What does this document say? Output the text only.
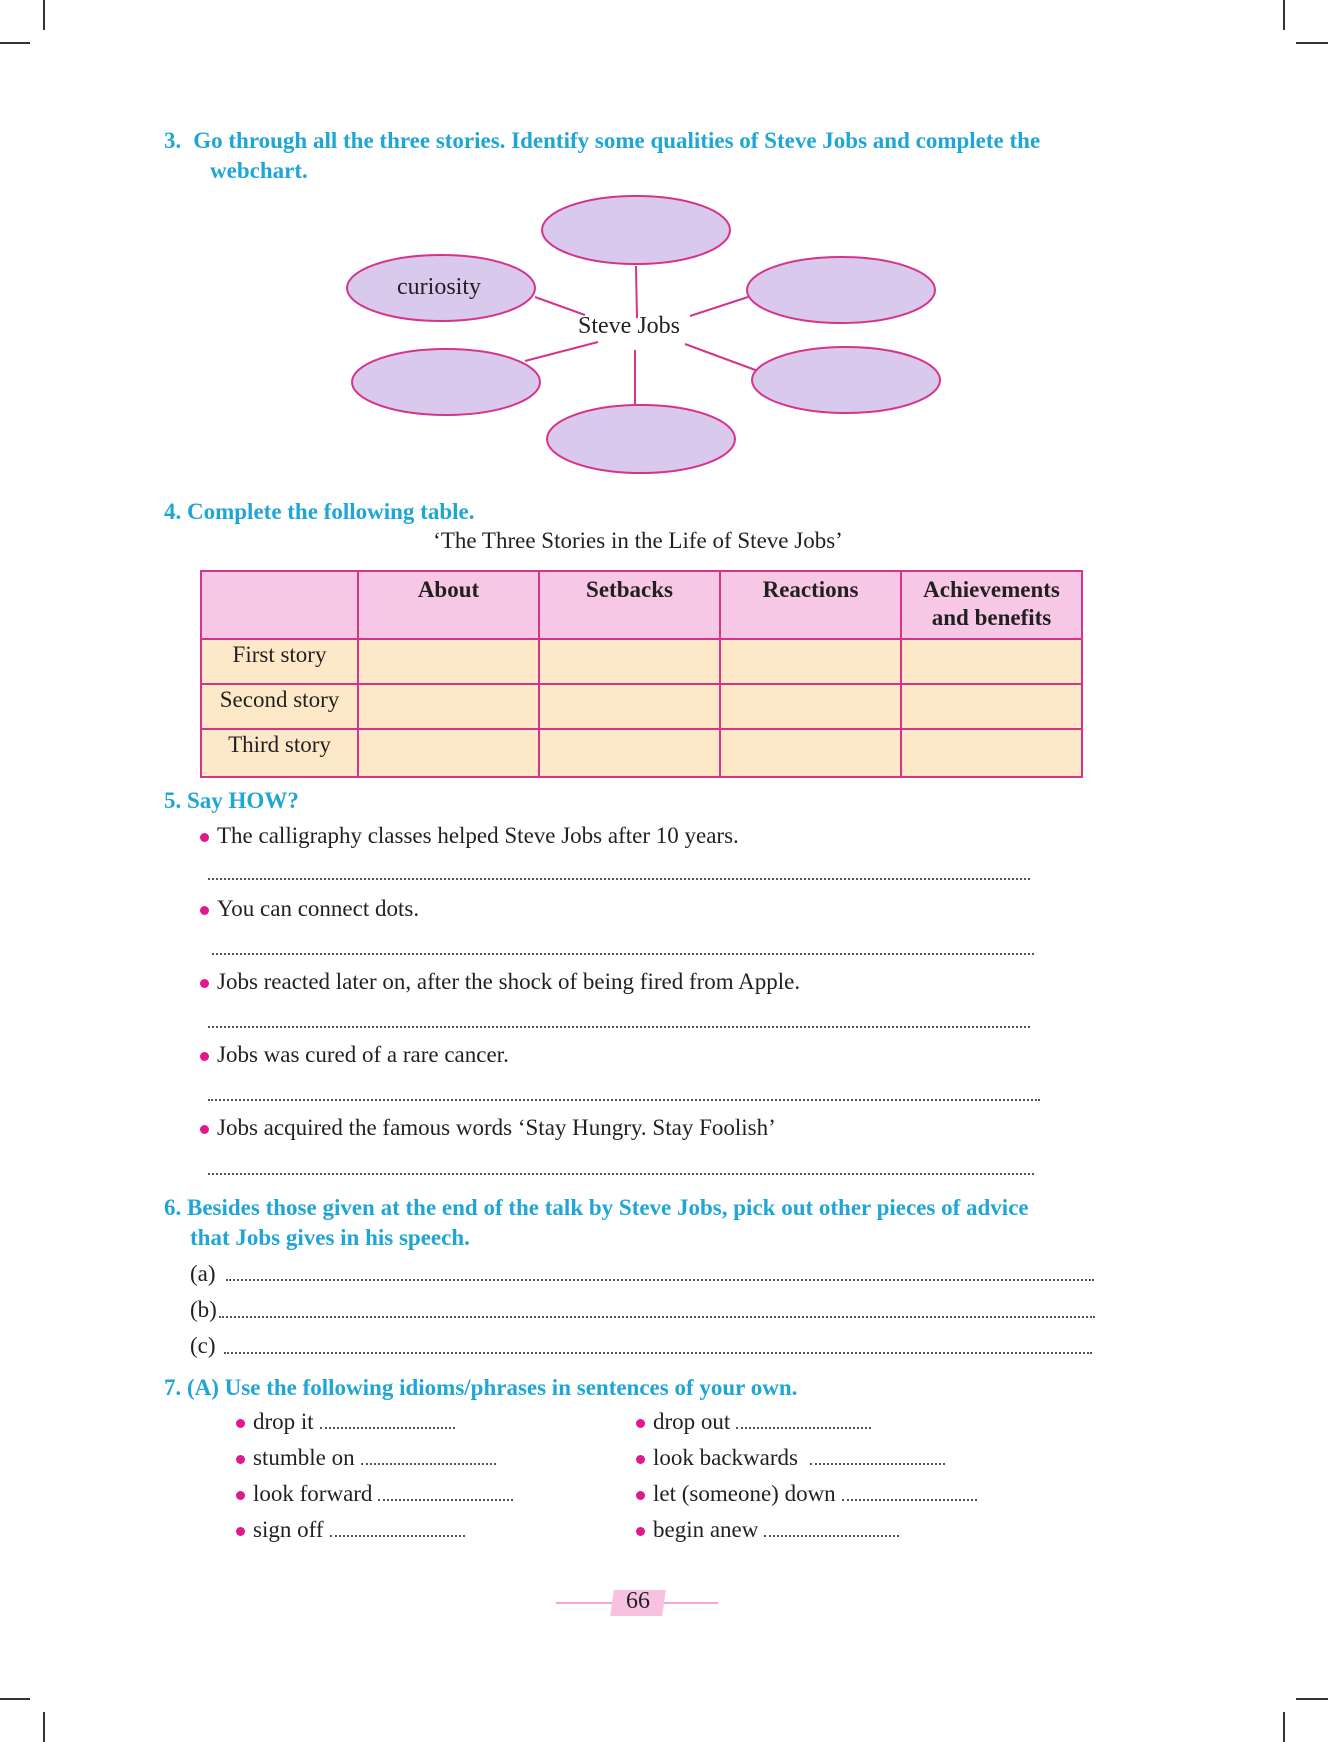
3. Go through all the three stories. Identify some qualities of Steve Jobs and complete the
webchart.
curiosity
Steve Jobs
4. Complete the following table.
‘The Three Stories in the Life of Steve Jobs’
	About	Setbacks	Reactions	Achievements
and benefits
First story				
Second story				
Third story				
5. Say HOW?
The calligraphy classes helped Steve Jobs after 10 years.
You can connect dots.
Jobs reacted later on, after the shock of being fired from Apple.
Jobs was cured of a rare cancer.
Jobs acquired the famous words ‘Stay Hungry. Stay Foolish’
6. Besides those given at the end of the talk by Steve Jobs, pick out other pieces of advice
that Jobs gives in his speech.
(a)
(b)
(c)
7. (A) Use the following idioms/phrases in sentences of your own.
drop it
stumble on
look forward
sign off
drop out
look backwards
let (someone) down
begin anew
66
